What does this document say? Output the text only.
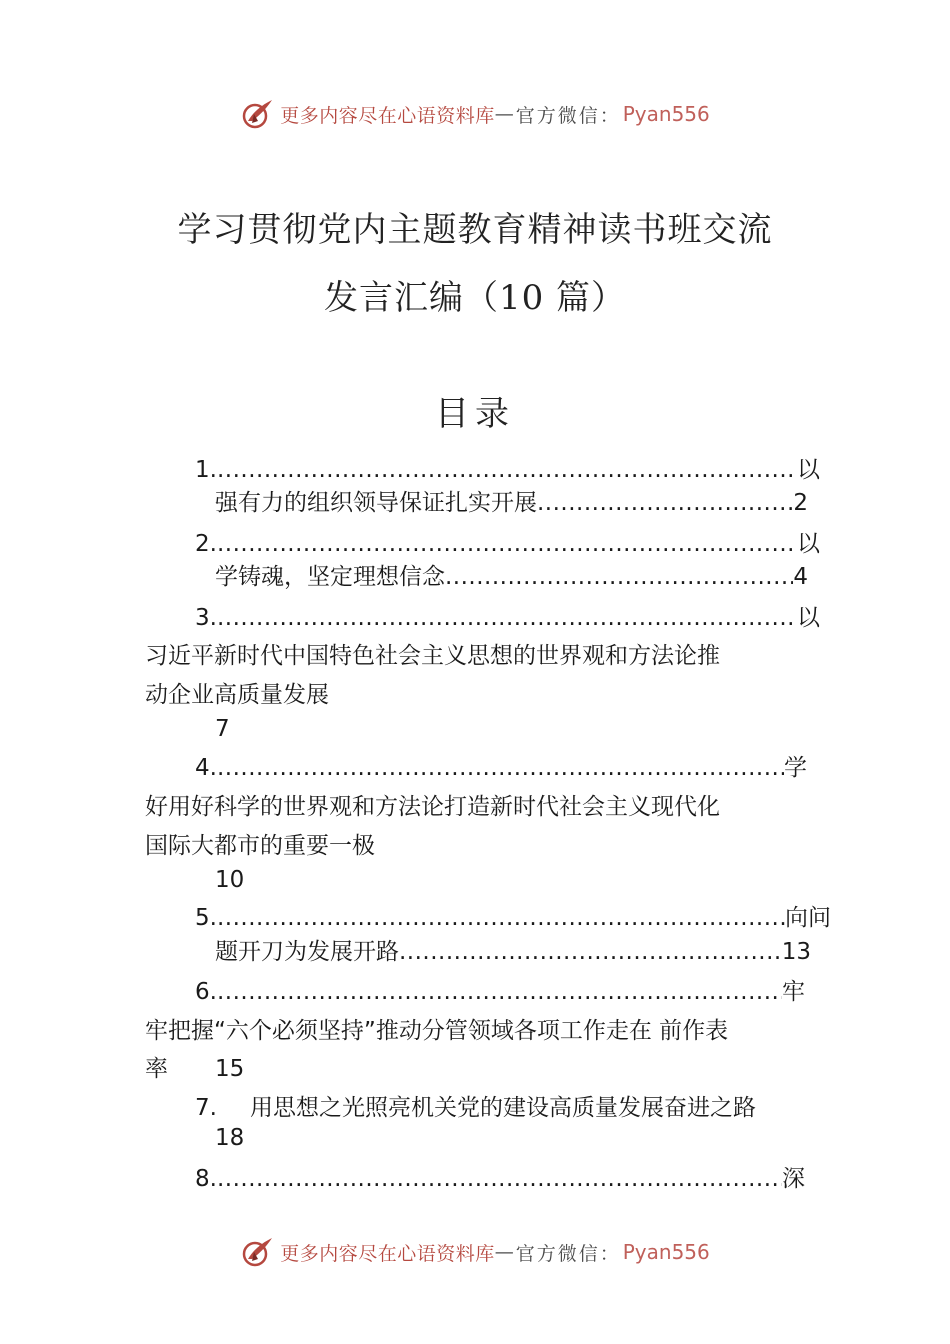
更多内容尽在心语资料库 — 官方微信： Pyan556
学习贯彻党内主题教育精神读书班交流
发言汇编（10 篇）
目录
1. .....	以
强有力的组织领导保证扎实开展 .....	2
2. .....	以
学铸魂，坚定理想信念 .....	4
3. .....	以
习近平新时代中国特色社会主义思想的世界观和方法论推
动企业高质量发展
7
4. .....	学
好用好科学的世界观和方法论打造新时代社会主义现代化
国际大都市的重要一极
10
5. .....	向问
题开刀为发展开路 .....	13
6. .....	牢
牢把握“六个必须坚持”推动分管领域各项工作走在 前作表
率 15
7. 用思想之光照亮机关党的建设高质量发展奋进之路
18
8. .....	深
更多内容尽在心语资料库 — 官方微信： Pyan556
